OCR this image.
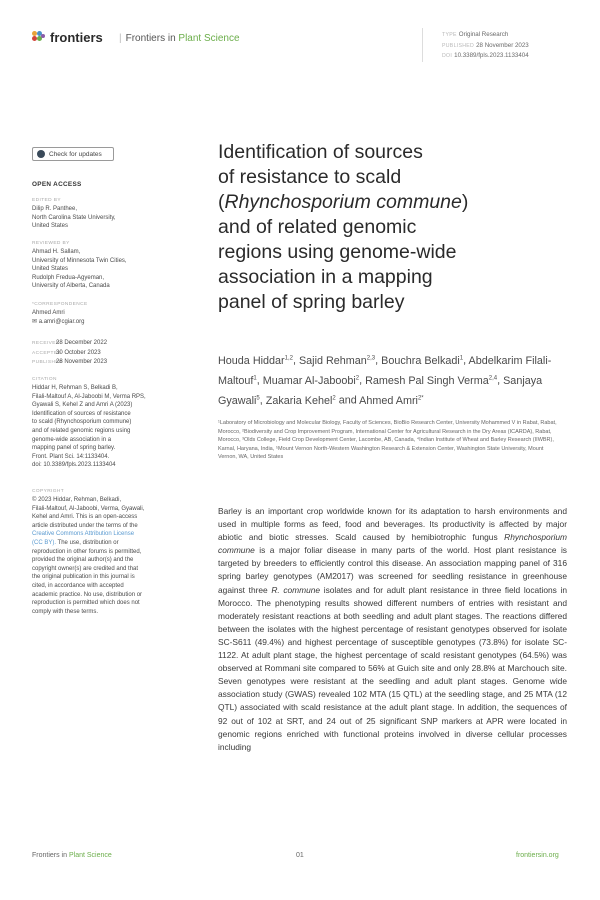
frontiers | Frontiers in Plant Science	TYPE Original Research
PUBLISHED 28 November 2023
DOI 10.3389/fpls.2023.1133404
Check for updates
OPEN ACCESS
EDITED BY
Dilip R. Panthee,
North Carolina State University,
United States
REVIEWED BY
Ahmad H. Sallam,
University of Minnesota Twin Cities,
United States
Rudolph Fredua-Agyeman,
University of Alberta, Canada
*CORRESPONDENCE
Ahmed Amri
✉ a.amri@cgiar.org
RECEIVED28 December 2022
ACCEPTED30 October 2023
PUBLISHED28 November 2023
CITATION
Hiddar H, Rehman S, Belkadi B,
Filali-Maltouf A, Al-Jaboobi M, Verma RPS,
Gyawali S, Kehel Z and Amri A (2023)
Identification of sources of resistance
to scald (Rhynchosporium commune)
and of related genomic regions using
genome-wide association in a
mapping panel of spring barley.
Front. Plant Sci. 14:1133404.
doi: 10.3389/fpls.2023.1133404
COPYRIGHT
© 2023 Hiddar, Rehman, Belkadi,
Filali-Maltouf, Al-Jaboobi, Verma, Gyawali,
Kehel and Amri. This is an open-access
article distributed under the terms of the
Creative Commons Attribution License
(CC BY). The use, distribution or
reproduction in other forums is permitted,
provided the original author(s) and the
copyright owner(s) are credited and that
the original publication in this journal is
cited, in accordance with accepted
academic practice. No use, distribution or
reproduction is permitted which does not
comply with these terms.
Identification of sources
of resistance to scald
(Rhynchosporium commune)
and of related genomic
regions using genome-wide
association in a mapping
panel of spring barley
Houda Hiddar$^{1,2}$, Sajid Rehman$^{2,3}$, Bouchra Belkadi$^1$, Abdelkarim Filali-Maltouf$^1$, Muamar Al-Jaboobi$^2$, Ramesh Pal Singh Verma$^{2,4}$, Sanjaya Gyawali$^5$, Zakaria Kehel$^2$ and Ahmed Amri$^{2*}$
¹Laboratory of Microbiology and Molecular Biology, Faculty of Sciences, BioBio Research Center, University Mohammed V in Rabat, Rabat, Morocco, ²Biodiversity and Crop Improvement Program, International Center for Agricultural Research in the Dry Areas (ICARDA), Rabat, Morocco, ³Olds College, Field Crop Development Center, Lacombe, AB, Canada, ⁴Indian Institute of Wheat and Barley Research (IIWBR), Karnal, Haryana, India, ⁵Mount Vernon North-Western Washington Research & Extension Center, Washington State University, Mount Vernon, WA, United States
Barley is an important crop worldwide known for its adaptation to harsh environments and used in multiple forms as feed, food and beverages. Its productivity is affected by major abiotic and biotic stresses. Scald caused by hemibiotrophic fungus Rhynchosporium commune is a major foliar disease in many parts of the world. Host plant resistance is targeted by breeders to efficiently control this disease. An association mapping panel of 316 spring barley genotypes (AM2017) was screened for seedling resistance in greenhouse against three R. commune isolates and for adult plant resistance in three field locations in Morocco. The phenotyping results showed different numbers of entries with resistant and moderately resistant reactions at both seedling and adult plant stages. The reactions differed between the isolates with the highest percentage of resistant genotypes observed for isolate SC-S611 (49.4%) and highest percentage of susceptible genotypes (73.8%) for isolate SC-1122. At adult plant stage, the highest percentage of scald resistant genotypes (64.5%) was observed at Rommani site compared to 56% at Guich site and only 28.8% at Marchouch site. Seven genotypes were resistant at the seedling and adult plant stages. Genome wide association study (GWAS) revealed 102 MTA (15 QTL) at the seedling stage, and 25 MTA (12 QTL) associated with scald resistance at the adult plant stage. In addition, the sequences of 92 out of 102 at SRT, and 24 out of 25 significant SNP markers at APR were located in genomic regions enriched with functional proteins involved in diverse cellular processes including
Frontiers in Plant Science	01	frontiersin.org
